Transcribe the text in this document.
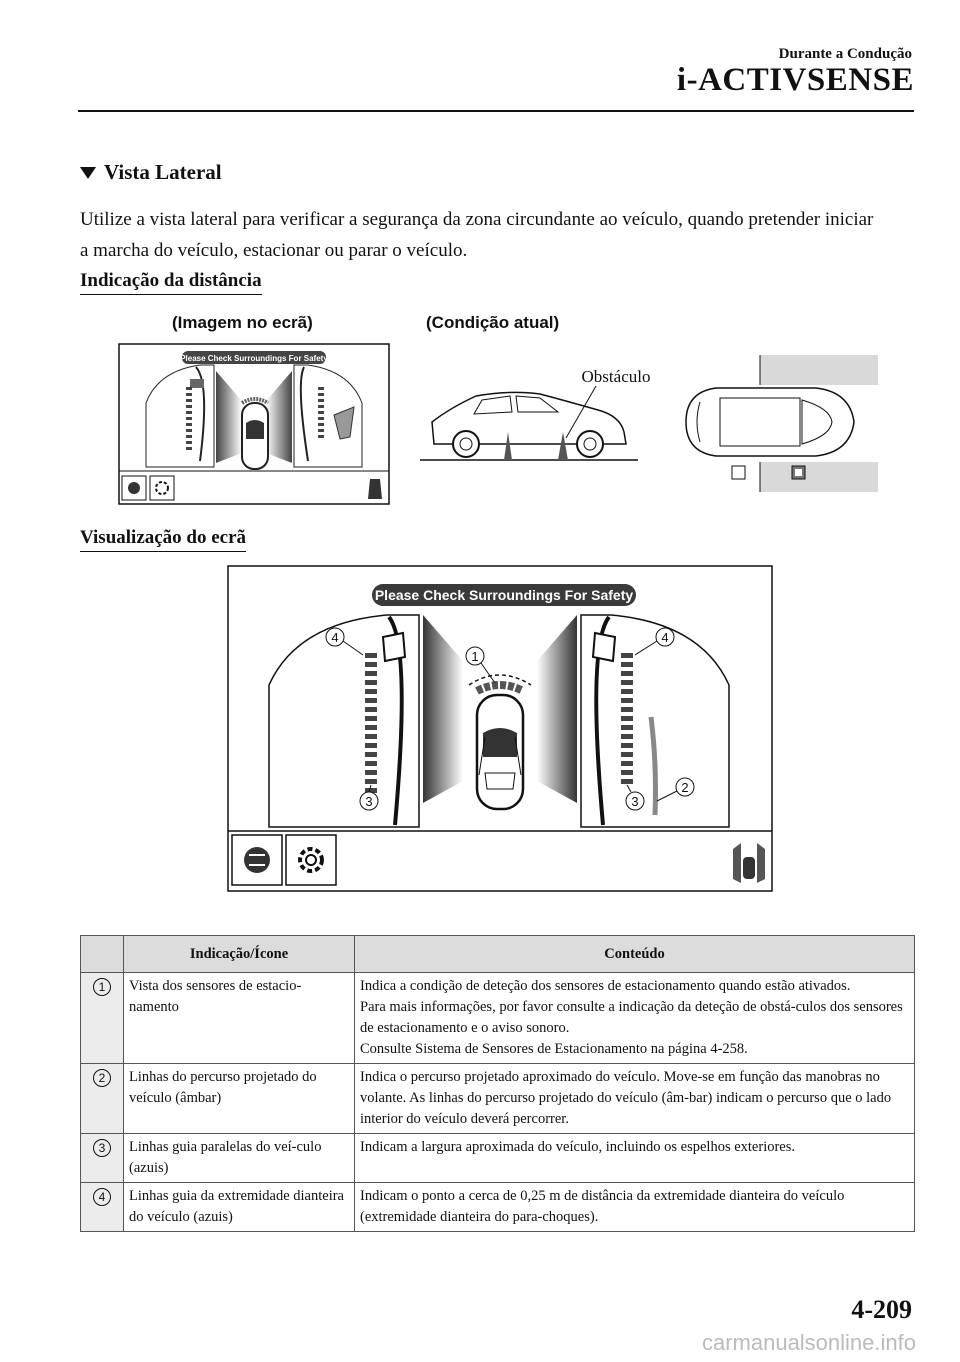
Durante a Condução
i-ACTIVSENSE
Vista Lateral
Utilize a vista lateral para verificar a segurança da zona circundante ao veículo, quando pretender iniciar a marcha do veículo, estacionar ou parar o veículo.
Indicação da distância
(Imagem no ecrã)	(Condição atual)
Please Check Surroundings For Safety
Obstáculo
Visualização do ecrã
Please Check Surroundings For Safety
1
2
3	3
4	4
	Indicação/Ícone	Conteúdo
1	Vista dos sensores de estacio-namento	Indica a condição de deteção dos sensores de estacionamento quando estão ativados.
Para mais informações, por favor consulte a indicação da deteção de obstá-culos dos sensores de estacionamento e o aviso sonoro.
Consulte Sistema de Sensores de Estacionamento na página 4-258.

2	Linhas do percurso projetado do veículo (âmbar)	Indica o percurso projetado aproximado do veículo. Move-se em função das manobras no volante. As linhas do percurso projetado do veículo (âm-bar) indicam o percurso que o lado interior do veículo deverá percorrer.

3	Linhas guia paralelas do veí-culo (azuis)	Indicam a largura aproximada do veículo, incluindo os espelhos exteriores.

4	Linhas guia da extremidade dianteira do veículo (azuis)	Indicam o ponto a cerca de 0,25 m de distância da extremidade dianteira do veículo (extremidade dianteira do para-choques).
4-209
carmanualsonline.info
